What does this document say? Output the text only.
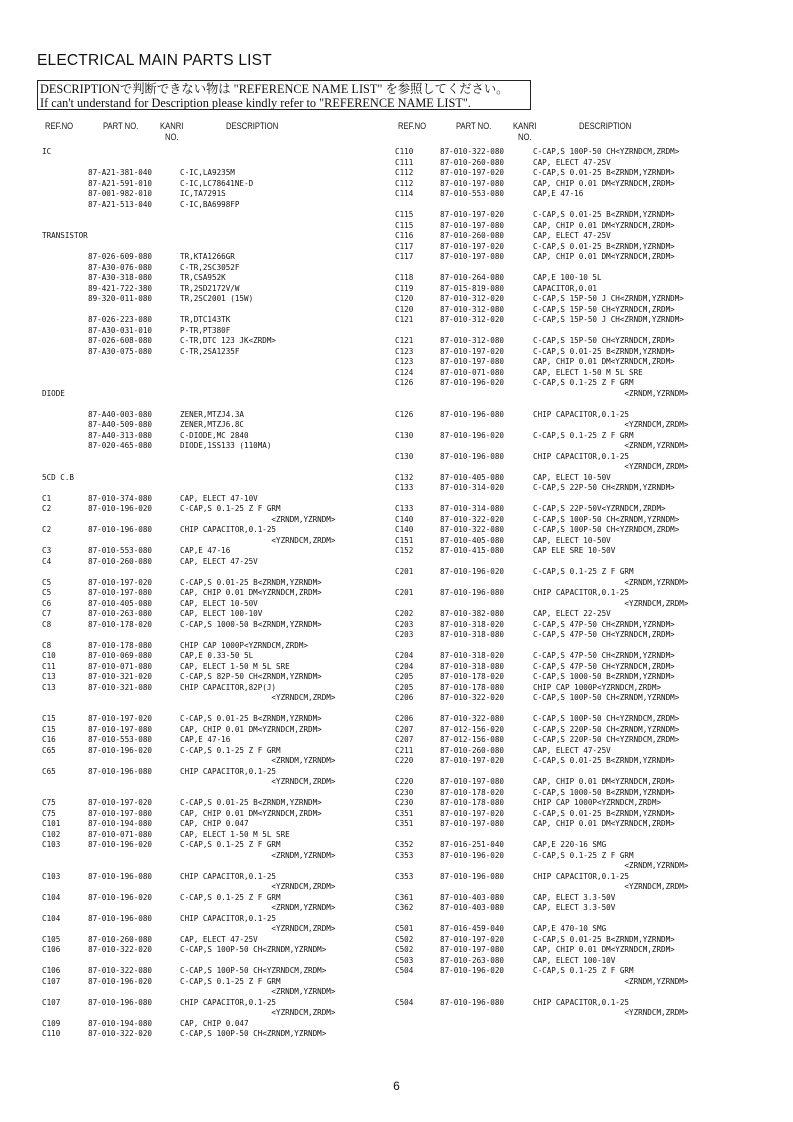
ELECTRICAL MAIN PARTS LIST
DESCRIPTIONで判断できない物は "REFERENCE NAME LIST" を参照してください。
If can't understand for Description please kindly refer to "REFERENCE NAME LIST".
REF.NO	PART NO. KANRI
NO.
DESCRIPTION	REF.NO	PART NO. KANRI
NO.
DESCRIPTION
IC
87-A21-381-040	C-IC,LA9235M
87-A21-591-010	C-IC,LC78641NE-D
87-001-982-010	IC,TA7291S
87-A21-513-040	C-IC,BA6998FP
TRANSISTOR
87-026-609-080	TR,KTA1266GR
87-A30-076-080	C-TR,2SC3052F
87-A30-318-080	TR,CSA952K
89-421-722-380	TR,2SD2172V/W
89-320-011-080	TR,2SC2001 (15W)
87-026-223-080	TR,DTC143TK
87-A30-031-010	P-TR,PT380F
87-026-608-080	C-TR,DTC 123 JK<ZRDM>
87-A30-075-080	C-TR,2SA1235F
DIODE
87-A40-003-080	ZENER,MTZJ4.3A
87-A40-509-080	ZENER,MTZJ6.8C
87-A40-313-080	C-DIODE,MC 2840
87-020-465-080	DIODE,1SS133 (110MA)
5CD C.B
C1	87-010-374-080	CAP, ELECT 47-10V
C2	87-010-196-020	C-CAP,S 0.1-25 Z F GRM
<ZRNDM,YZRNDM>
C2	87-010-196-080	CHIP CAPACITOR,0.1-25
<YZRNDCM,ZRDM>
C3	87-010-553-080	CAP,E 47-16
C4	87-010-260-080	CAP, ELECT 47-25V
C5	87-010-197-020	C-CAP,S 0.01-25 B<ZRNDM,YZRNDM>
C5	87-010-197-080	CAP, CHIP 0.01 DM<YZRNDCM,ZRDM>
C6	87-010-405-080	CAP, ELECT 10-50V
C7	87-010-263-080	CAP, ELECT 100-10V
C8	87-010-178-020	C-CAP,S 1000-50 B<ZRNDM,YZRNDM>
C8	87-010-178-080	CHIP CAP 1000P<YZRNDCM,ZRDM>
C10	87-010-069-080	CAP,E 0.33-50 5L
C11	87-010-071-080	CAP, ELECT 1-50 M 5L SRE
C13	87-010-321-020	C-CAP,S 82P-50 CH<ZRNDM,YZRNDM>
C13	87-010-321-080	CHIP CAPACITOR,82P(J)
<YZRNDCM,ZRDM>
C15	87-010-197-020	C-CAP,S 0.01-25 B<ZRNDM,YZRNDM>
C15	87-010-197-080	CAP, CHIP 0.01 DM<YZRNDCM,ZRDM>
C16	87-010-553-080	CAP,E 47-16
C65	87-010-196-020	C-CAP,S 0.1-25 Z F GRM
<ZRNDM,YZRNDM>
C65	87-010-196-080	CHIP CAPACITOR,0.1-25
<YZRNDCM,ZRDM>
C75	87-010-197-020	C-CAP,S 0.01-25 B<ZRNDM,YZRNDM>
C75	87-010-197-080	CAP, CHIP 0.01 DM<YZRNDCM,ZRDM>
C101	87-010-194-080	CAP, CHIP 0.047
C102	87-010-071-080	CAP, ELECT 1-50 M 5L SRE
C103	87-010-196-020	C-CAP,S 0.1-25 Z F GRM
<ZRNDM,YZRNDM>
C103	87-010-196-080	CHIP CAPACITOR,0.1-25
<YZRNDCM,ZRDM>
C104	87-010-196-020	C-CAP,S 0.1-25 Z F GRM
<ZRNDM,YZRNDM>
C104	87-010-196-080	CHIP CAPACITOR,0.1-25
<YZRNDCM,ZRDM>
C105	87-010-260-080	CAP, ELECT 47-25V
C106	87-010-322-020	C-CAP,S 100P-50 CH<ZRNDM,YZRNDM>
C106	87-010-322-080	C-CAP,S 100P-50 CH<YZRNDCM,ZRDM>
C107	87-010-196-020	C-CAP,S 0.1-25 Z F GRM
<ZRNDM,YZRNDM>
C107	87-010-196-080	CHIP CAPACITOR,0.1-25
<YZRNDCM,ZRDM>
C109	87-010-194-080	CAP, CHIP 0.047
C110	87-010-322-020	C-CAP,S 100P-50 CH<ZRNDM,YZRNDM>
C110	87-010-322-080	C-CAP,S 100P-50 CH<YZRNDCM,ZRDM>
C111	87-010-260-080	CAP, ELECT 47-25V
C112	87-010-197-020	C-CAP,S 0.01-25 B<ZRNDM,YZRNDM>
C112	87-010-197-080	CAP, CHIP 0.01 DM<YZRNDCM,ZRDM>
C114	87-010-553-080	CAP,E 47-16
C115	87-010-197-020	C-CAP,S 0.01-25 B<ZRNDM,YZRNDM>
C115	87-010-197-080	CAP, CHIP 0.01 DM<YZRNDCM,ZRDM>
C116	87-010-260-080	CAP, ELECT 47-25V
C117	87-010-197-020	C-CAP,S 0.01-25 B<ZRNDM,YZRNDM>
C117	87-010-197-080	CAP, CHIP 0.01 DM<YZRNDCM,ZRDM>
C118	87-010-264-080	CAP,E 100-10 5L
C119	87-015-819-080	CAPACITOR,0.01
C120	87-010-312-020	C-CAP,S 15P-50 J CH<ZRNDM,YZRNDM>
C120	87-010-312-080	C-CAP,S 15P-50 CH<YZRNDCM,ZRDM>
C121	87-010-312-020	C-CAP,S 15P-50 J CH<ZRNDM,YZRNDM>
C121	87-010-312-080	C-CAP,S 15P-50 CH<YZRNDCM,ZRDM>
C123	87-010-197-020	C-CAP,S 0.01-25 B<ZRNDM,YZRNDM>
C123	87-010-197-080	CAP, CHIP 0.01 DM<YZRNDCM,ZRDM>
C124	87-010-071-080	CAP, ELECT 1-50 M 5L SRE
C126	87-010-196-020	C-CAP,S 0.1-25 Z F GRM
<ZRNDM,YZRNDM>
C126	87-010-196-080	CHIP CAPACITOR,0.1-25
<YZRNDCM,ZRDM>
C130	87-010-196-020	C-CAP,S 0.1-25 Z F GRM
<ZRNDM,YZRNDM>
C130	87-010-196-080	CHIP CAPACITOR,0.1-25
<YZRNDCM,ZRDM>
C132	87-010-405-080	CAP, ELECT 10-50V
C133	87-010-314-020	C-CAP,S 22P-50 CH<ZRNDM,YZRNDM>
C133	87-010-314-080	C-CAP,S 22P-50V<YZRNDCM,ZRDM>
C140	87-010-322-020	C-CAP,S 100P-50 CH<ZRNDM,YZRNDM>
C140	87-010-322-080	C-CAP,S 100P-50 CH<YZRNDCM,ZRDM>
C151	87-010-405-080	CAP, ELECT 10-50V
C152	87-010-415-080	CAP ELE SRE 10-50V
C201	87-010-196-020	C-CAP,S 0.1-25 Z F GRM
<ZRNDM,YZRNDM>
C201	87-010-196-080	CHIP CAPACITOR,0.1-25
<YZRNDCM,ZRDM>
C202	87-010-382-080	CAP, ELECT 22-25V
C203	87-010-318-020	C-CAP,S 47P-50 CH<ZRNDM,YZRNDM>
C203	87-010-318-080	C-CAP,S 47P-50 CH<YZRNDCM,ZRDM>
C204	87-010-318-020	C-CAP,S 47P-50 CH<ZRNDM,YZRNDM>
C204	87-010-318-080	C-CAP,S 47P-50 CH<YZRNDCM,ZRDM>
C205	87-010-178-020	C-CAP,S 1000-50 B<ZRNDM,YZRNDM>
C205	87-010-178-080	CHIP CAP 1000P<YZRNDCM,ZRDM>
C206	87-010-322-020	C-CAP,S 100P-50 CH<ZRNDM,YZRNDM>
C206	87-010-322-080	C-CAP,S 100P-50 CH<YZRNDCM,ZRDM>
C207	87-012-156-020	C-CAP,S 220P-50 CH<ZRNDM,YZRNDM>
C207	87-012-156-080	C-CAP,S 220P-50 CH<YZRNDCM,ZRDM>
C211	87-010-260-080	CAP, ELECT 47-25V
C220	87-010-197-020	C-CAP,S 0.01-25 B<ZRNDM,YZRNDM>
C220	87-010-197-080	CAP, CHIP 0.01 DM<YZRNDCM,ZRDM>
C230	87-010-178-020	C-CAP,S 1000-50 B<ZRNDM,YZRNDM>
C230	87-010-178-080	CHIP CAP 1000P<YZRNDCM,ZRDM>
C351	87-010-197-020	C-CAP,S 0.01-25 B<ZRNDM,YZRNDM>
C351	87-010-197-080	CAP, CHIP 0.01 DM<YZRNDCM,ZRDM>
C352	87-016-251-040	CAP,E 220-16 SMG
C353	87-010-196-020	C-CAP,S 0.1-25 Z F GRM
<ZRNDM,YZRNDM>
C353	87-010-196-080	CHIP CAPACITOR,0.1-25
<YZRNDCM,ZRDM>
C361	87-010-403-080	CAP, ELECT 3.3-50V
C362	87-010-403-080	CAP, ELECT 3.3-50V
C501	87-016-459-040	CAP,E 470-10 SMG
C502	87-010-197-020	C-CAP,S 0.01-25 B<ZRNDM,YZRNDM>
C502	87-010-197-080	CAP, CHIP 0.01 DM<YZRNDCM,ZRDM>
C503	87-010-263-080	CAP, ELECT 100-10V
C504	87-010-196-020	C-CAP,S 0.1-25 Z F GRM
<ZRNDM,YZRNDM>
C504	87-010-196-080	CHIP CAPACITOR,0.1-25
<YZRNDCM,ZRDM>
6
